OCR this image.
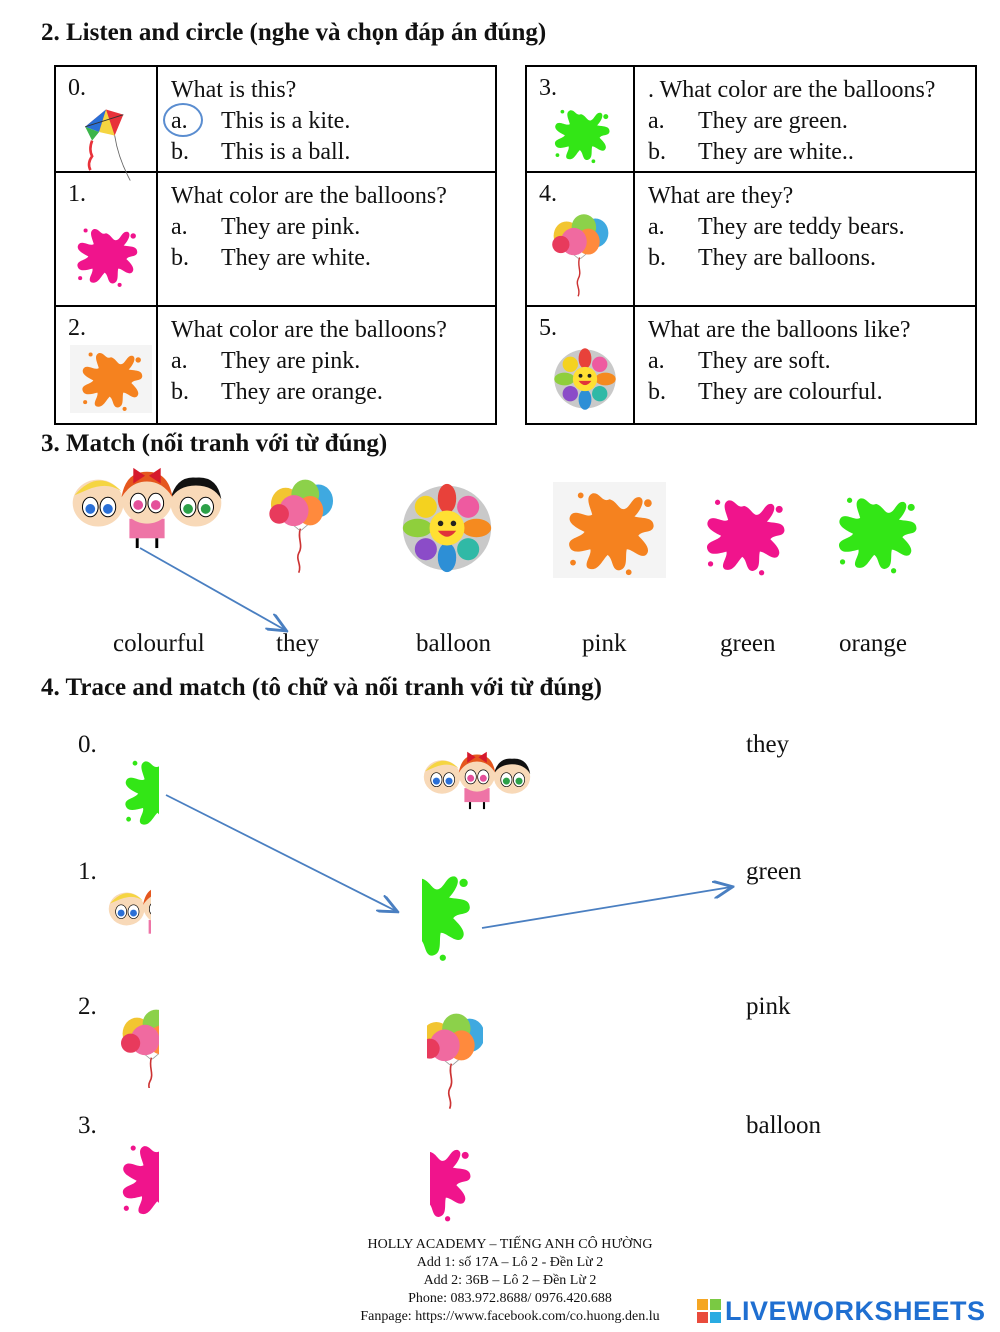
2. Listen and circle (nghe và chọn đáp án đúng)
0.	What is this?
a. This is a kite.
b. This is a ball.

1.	What color are the balloons?
a. They are pink.
b. They are white.

2.	What color are the balloons?
a. They are pink.
b. They are orange.
3.	. What color are the balloons?
a. They are green.
b. They are white..

4.	What are they?
a. They are teddy bears.
b. They are balloons.

5.	What are the balloons like?
a. They are soft.
b. They are colourful.
3. Match (nối tranh với từ đúng)
colourful	they	balloon	pink	green	orange
4. Trace and match (tô chữ và nối tranh với từ đúng)
0.
1.
2.
3.
they
green
pink
balloon
HOLLY ACADEMY – TIẾNG ANH CÔ HƯỜNG
Add 1: số 17A – Lô 2 - Đền Lừ 2
Add 2: 36B – Lô 2 – Đền Lừ 2
Phone: 083.972.8688/ 0976.420.688
Fanpage: https://www.facebook.com/co.huong.den.lu	LIVEWORKSHEETS
